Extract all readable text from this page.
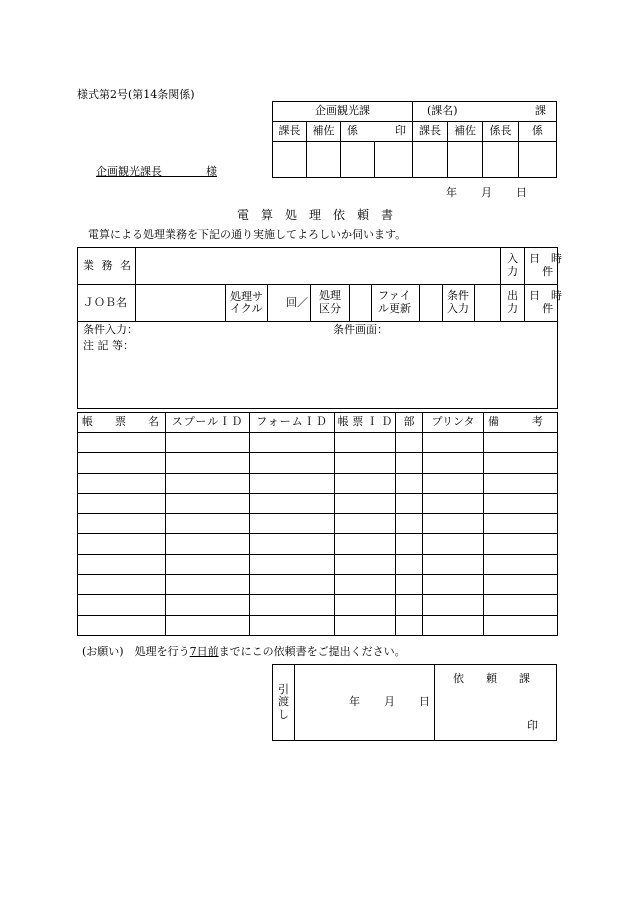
様式第2号(第14条関係)
企画観光課				(課名) 課			

課長	補佐	係 印		課長	補佐	係長	係

企画観光課長　　　　様
年 月 日
電　算　処　理　依　頼　書
電算による処理業務を下記の通り実施してよろしいか伺います。
業 務 名										入力	日　時
件

ＪＯＢ名		処理サイクル	回／	処理区分		ファイル更新		条件入力		出力	日　時
件

条件入力： 条件画面：
注 記 等：											
帳　　票　　名	スプールＩＤ	フォームＩＤ	帳 票 Ｉ Ｄ	部	プリンタ	備　　　考

(お願い)　処理を行う7日前までにこの依頼書をご提出ください。
引渡し	
年 月 日

依　　頼　　課
印
